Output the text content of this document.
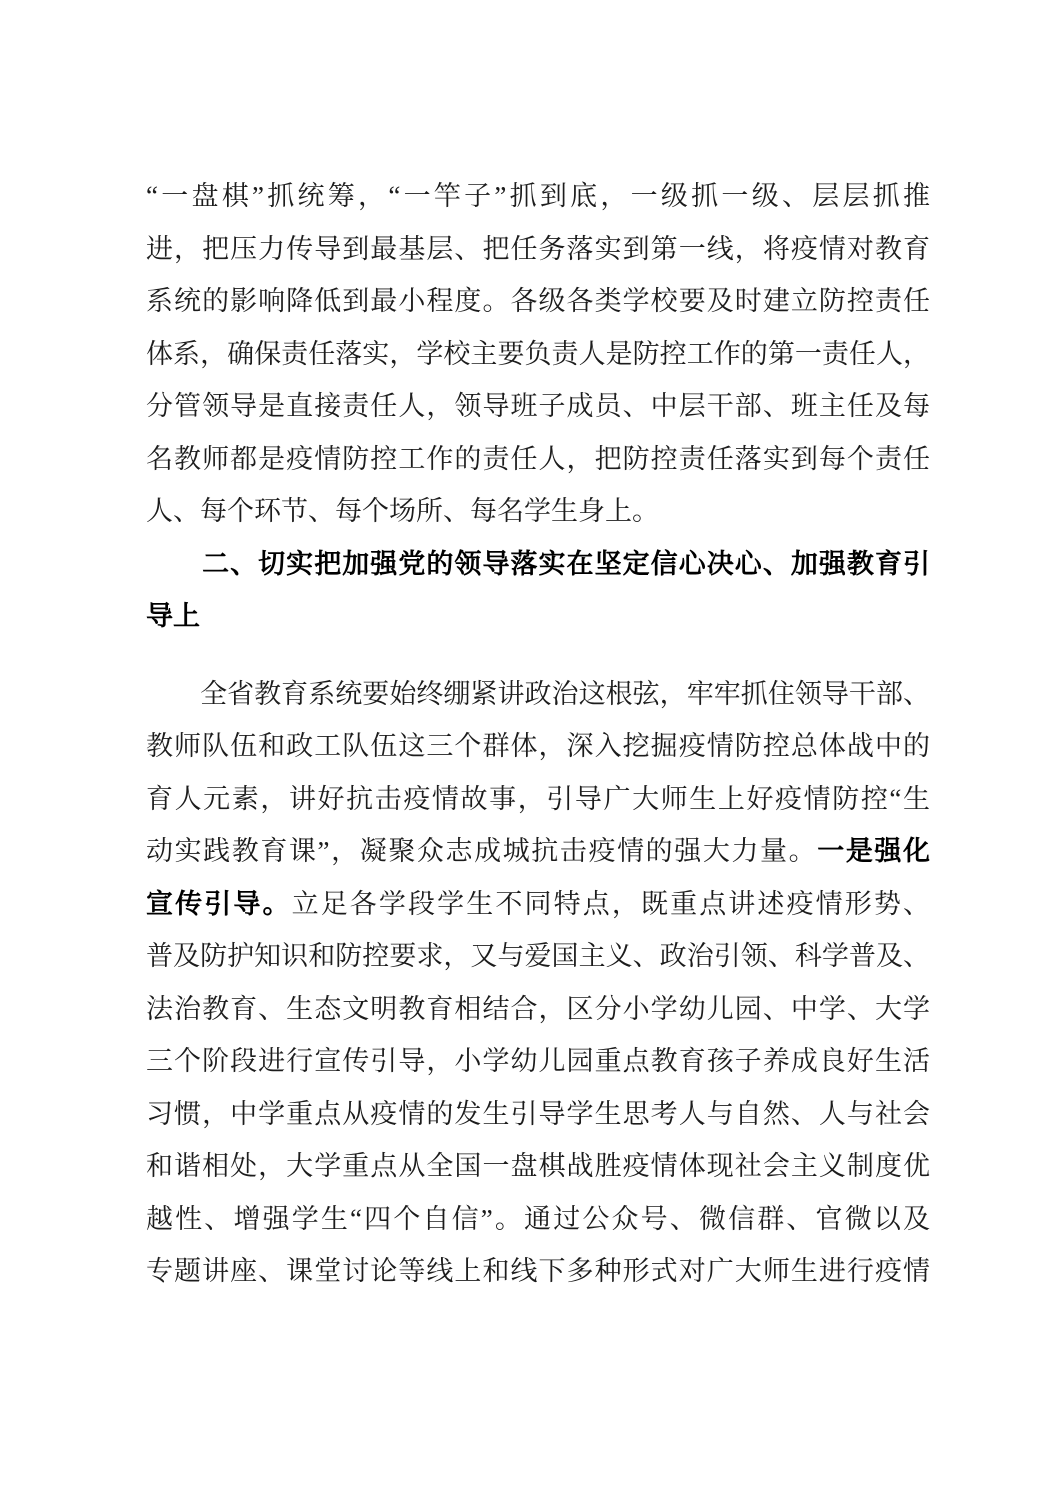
“一盘棋”抓统筹，“一竿子”抓到底，一级抓一级、层层抓推
进，把压力传导到最基层、把任务落实到第一线，将疫情对教育
系统的影响降低到最小程度。各级各类学校要及时建立防控责任
体系，确保责任落实，学校主要负责人是防控工作的第一责任人，
分管领导是直接责任人，领导班子成员、中层干部、班主任及每
名教师都是疫情防控工作的责任人，把防控责任落实到每个责任
人、每个环节、每个场所、每名学生身上。
　　二、切实把加强党的领导落实在坚定信心决心、加强教育引
导上
　　全省教育系统要始终绷紧讲政治这根弦，牢牢抓住领导干部、
教师队伍和政工队伍这三个群体，深入挖掘疫情防控总体战中的
育人元素，讲好抗击疫情故事，引导广大师生上好疫情防控“生
动实践教育课”，凝聚众志成城抗击疫情的强大力量。一是强化
宣传引导。立足各学段学生不同特点，既重点讲述疫情形势、
普及防护知识和防控要求，又与爱国主义、政治引领、科学普及、
法治教育、生态文明教育相结合，区分小学幼儿园、中学、大学
三个阶段进行宣传引导，小学幼儿园重点教育孩子养成良好生活
习惯，中学重点从疫情的发生引导学生思考人与自然、人与社会
和谐相处，大学重点从全国一盘棋战胜疫情体现社会主义制度优
越性、增强学生“四个自信”。通过公众号、微信群、官微以及
专题讲座、课堂讨论等线上和线下多种形式对广大师生进行疫情
